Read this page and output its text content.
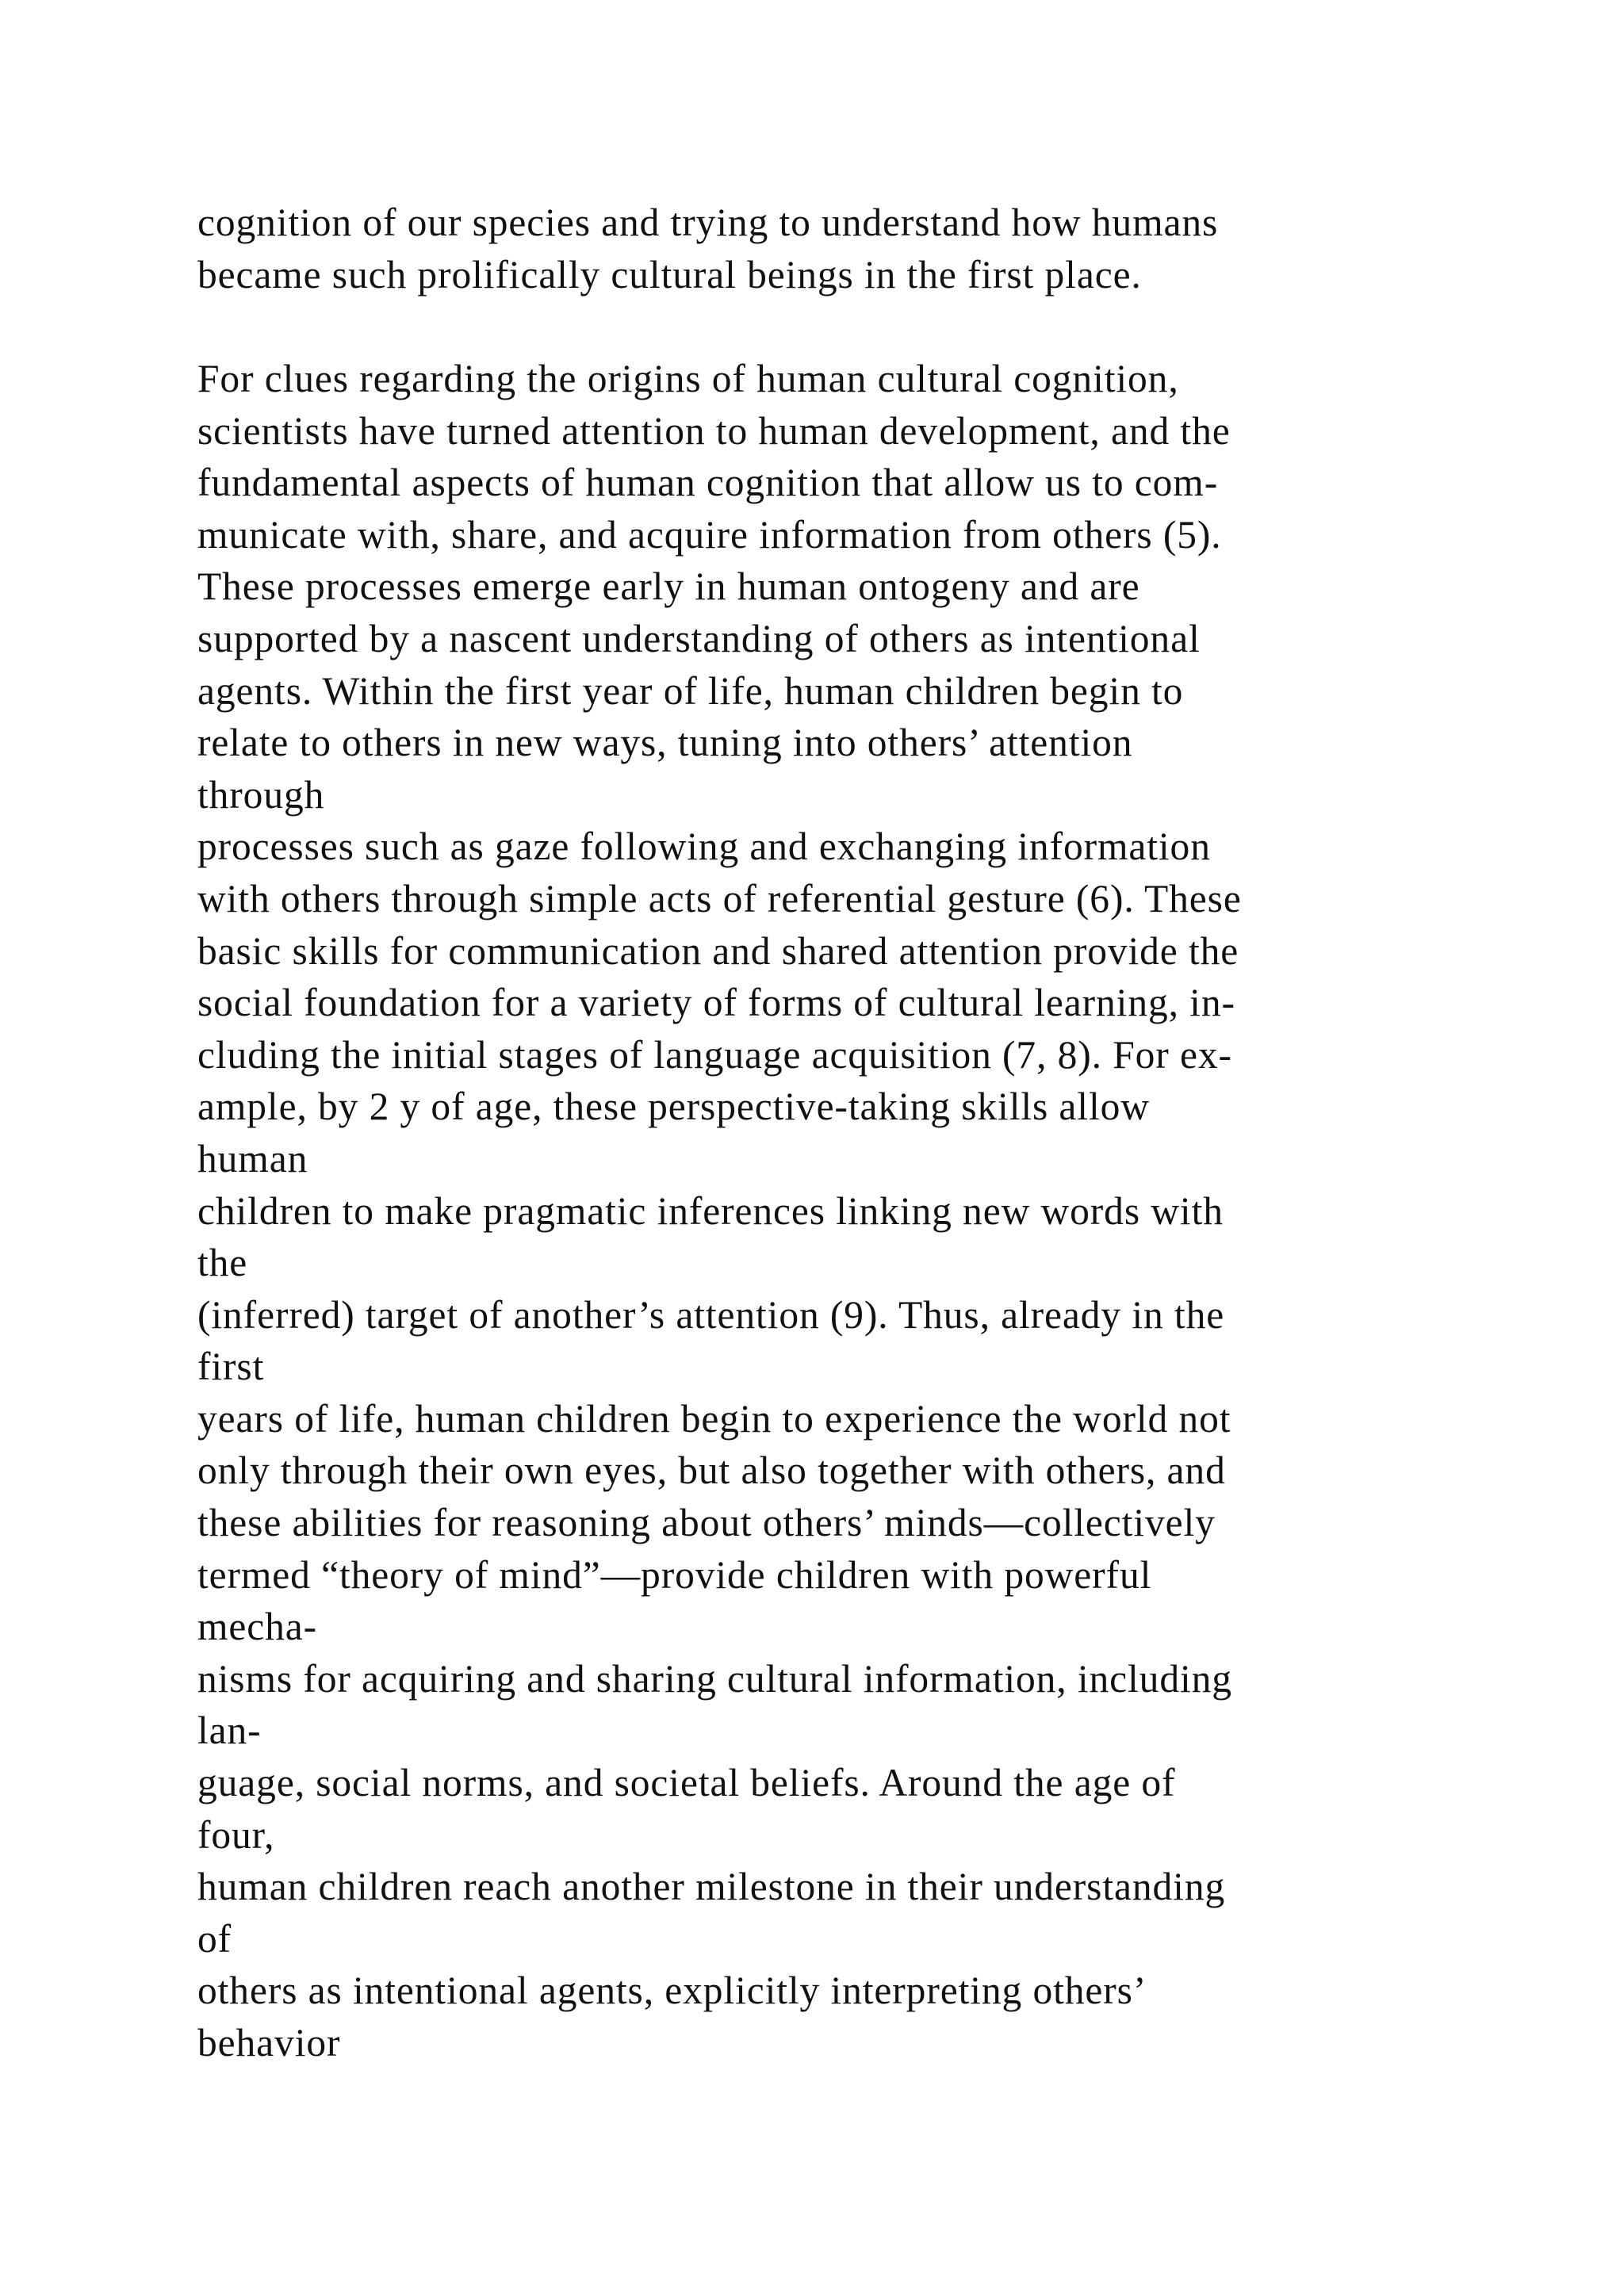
cognition of our species and trying to understand how humans
became such prolifically cultural beings in the first place.
For clues regarding the origins of human cultural cognition,
scientists have turned attention to human development, and the
fundamental aspects of human cognition that allow us to com-
municate with, share, and acquire information from others (5).
These processes emerge early in human ontogeny and are
supported by a nascent understanding of others as intentional
agents. Within the first year of life, human children begin to
relate to others in new ways, tuning into others’ attention
through
processes such as gaze following and exchanging information
with others through simple acts of referential gesture (6). These
basic skills for communication and shared attention provide the
social foundation for a variety of forms of cultural learning, in-
cluding the initial stages of language acquisition (7, 8). For ex-
ample, by 2 y of age, these perspective-taking skills allow
human
children to make pragmatic inferences linking new words with
the
(inferred) target of another’s attention (9). Thus, already in the
first
years of life, human children begin to experience the world not
only through their own eyes, but also together with others, and
these abilities for reasoning about others’ minds—collectively
termed “theory of mind”—provide children with powerful
mecha-
nisms for acquiring and sharing cultural information, including
lan-
guage, social norms, and societal beliefs. Around the age of
four,
human children reach another milestone in their understanding
of
others as intentional agents, explicitly interpreting others’
behavior
